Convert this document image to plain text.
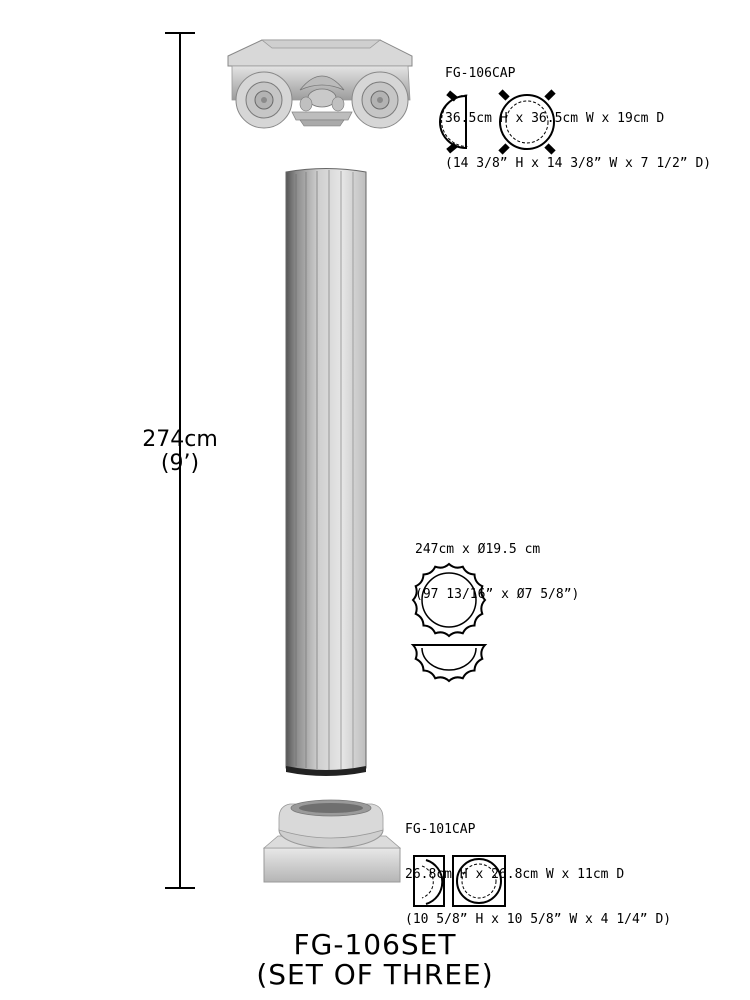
274cm
(9’)

FG-106CAP

36.5cm H x 36.5cm W x 19cm D

(14 3/8” H x 14 3/8” W x 7 1/2” D)

247cm x Ø19.5 cm

(97 13/16” x Ø7 5/8”)

FG-101CAP

26.8cm H x 26.8cm W x 11cm D

(10 5/8” H x 10 5/8” W x 4 1/4” D)

FG-106SET
(SET OF THREE)
